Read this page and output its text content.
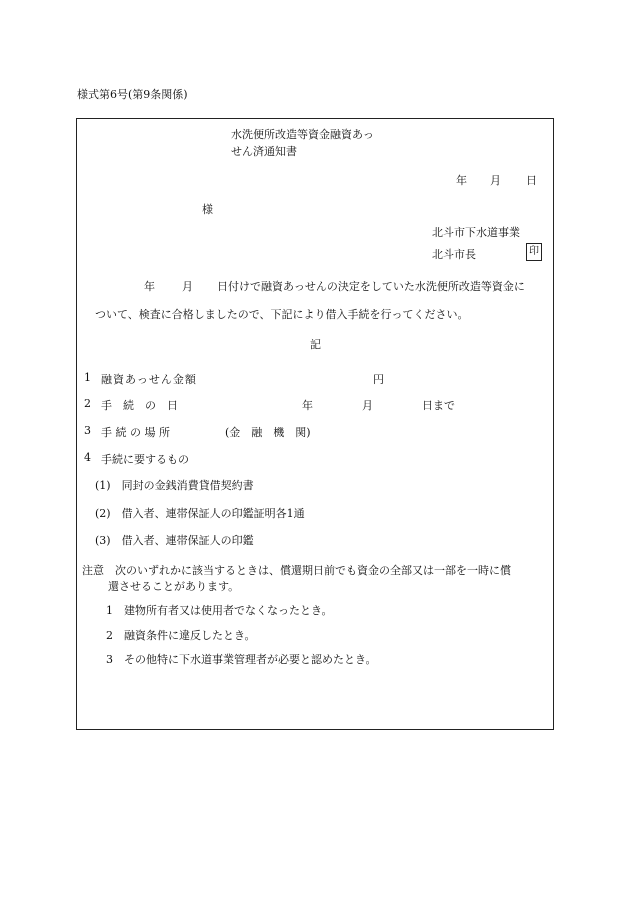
様式第6号(第9条関係)
水洗便所改造等資金融資あっ
せん済通知書
年 月 日
様
北斗市下水道事業
北斗市長	印
年 月 日付けで融資あっせんの決定をしていた水洗便所改造等資金に
ついて、検査に合格しましたので、下記により借入手続を行ってください。
記
1 融資あっせん金額	円
2 手　続　の　日	年	月	日まで
3 手 続 の 場 所	(金　融　機　関)
4 手続に要するもの
(1)　同封の金銭消費貸借契約書
(2)　借入者、連帯保証人の印鑑証明各1通
(3)　借入者、連帯保証人の印鑑
注意 次のいずれかに該当するときは、償還期日前でも資金の全部又は一部を一時に償
還させることがあります。
1　建物所有者又は使用者でなくなったとき。
2　融資条件に違反したとき。
3　その他特に下水道事業管理者が必要と認めたとき。
